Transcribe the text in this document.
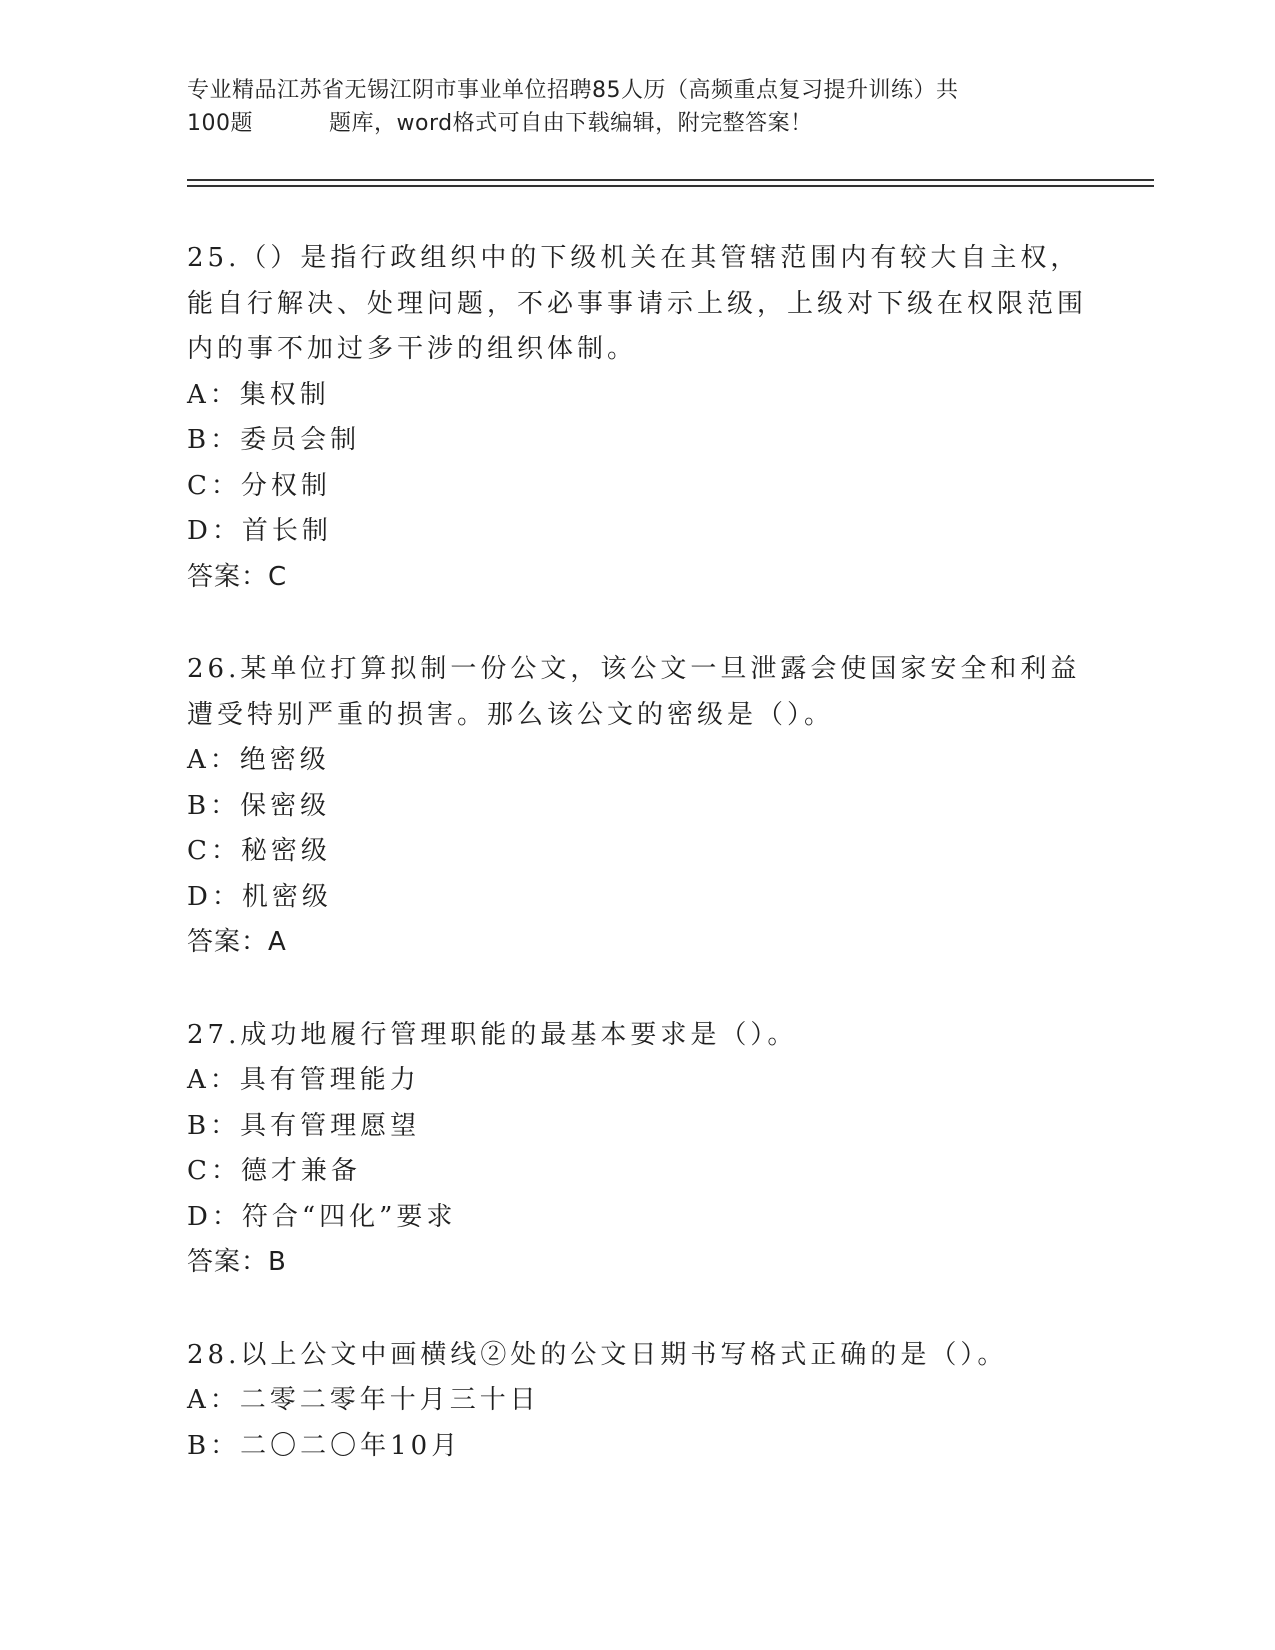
专业精品江苏省无锡江阴市事业单位招聘85人历（高频重点复习提升训练）共
100题	题库，word格式可自由下载编辑，附完整答案！

25.（）是指行政组织中的下级机关在其管辖范围内有较大自主权，能自行解决、处理问题，不必事事请示上级，上级对下级在权限范围内的事不加过多干涉的组织体制。

A：集权制

B：委员会制

C：分权制

D：首长制

答案：C

26.某单位打算拟制一份公文，该公文一旦泄露会使国家安全和利益遭受特别严重的损害。那么该公文的密级是（）。

A：绝密级

B：保密级

C：秘密级

D：机密级

答案：A

27.成功地履行管理职能的最基本要求是（）。

A：具有管理能力

B：具有管理愿望

C：德才兼备

D：符合“四化”要求

答案：B

28.以上公文中画横线②处的公文日期书写格式正确的是（）。

A：二零二零年十月三十日

B：二〇二〇年10月
